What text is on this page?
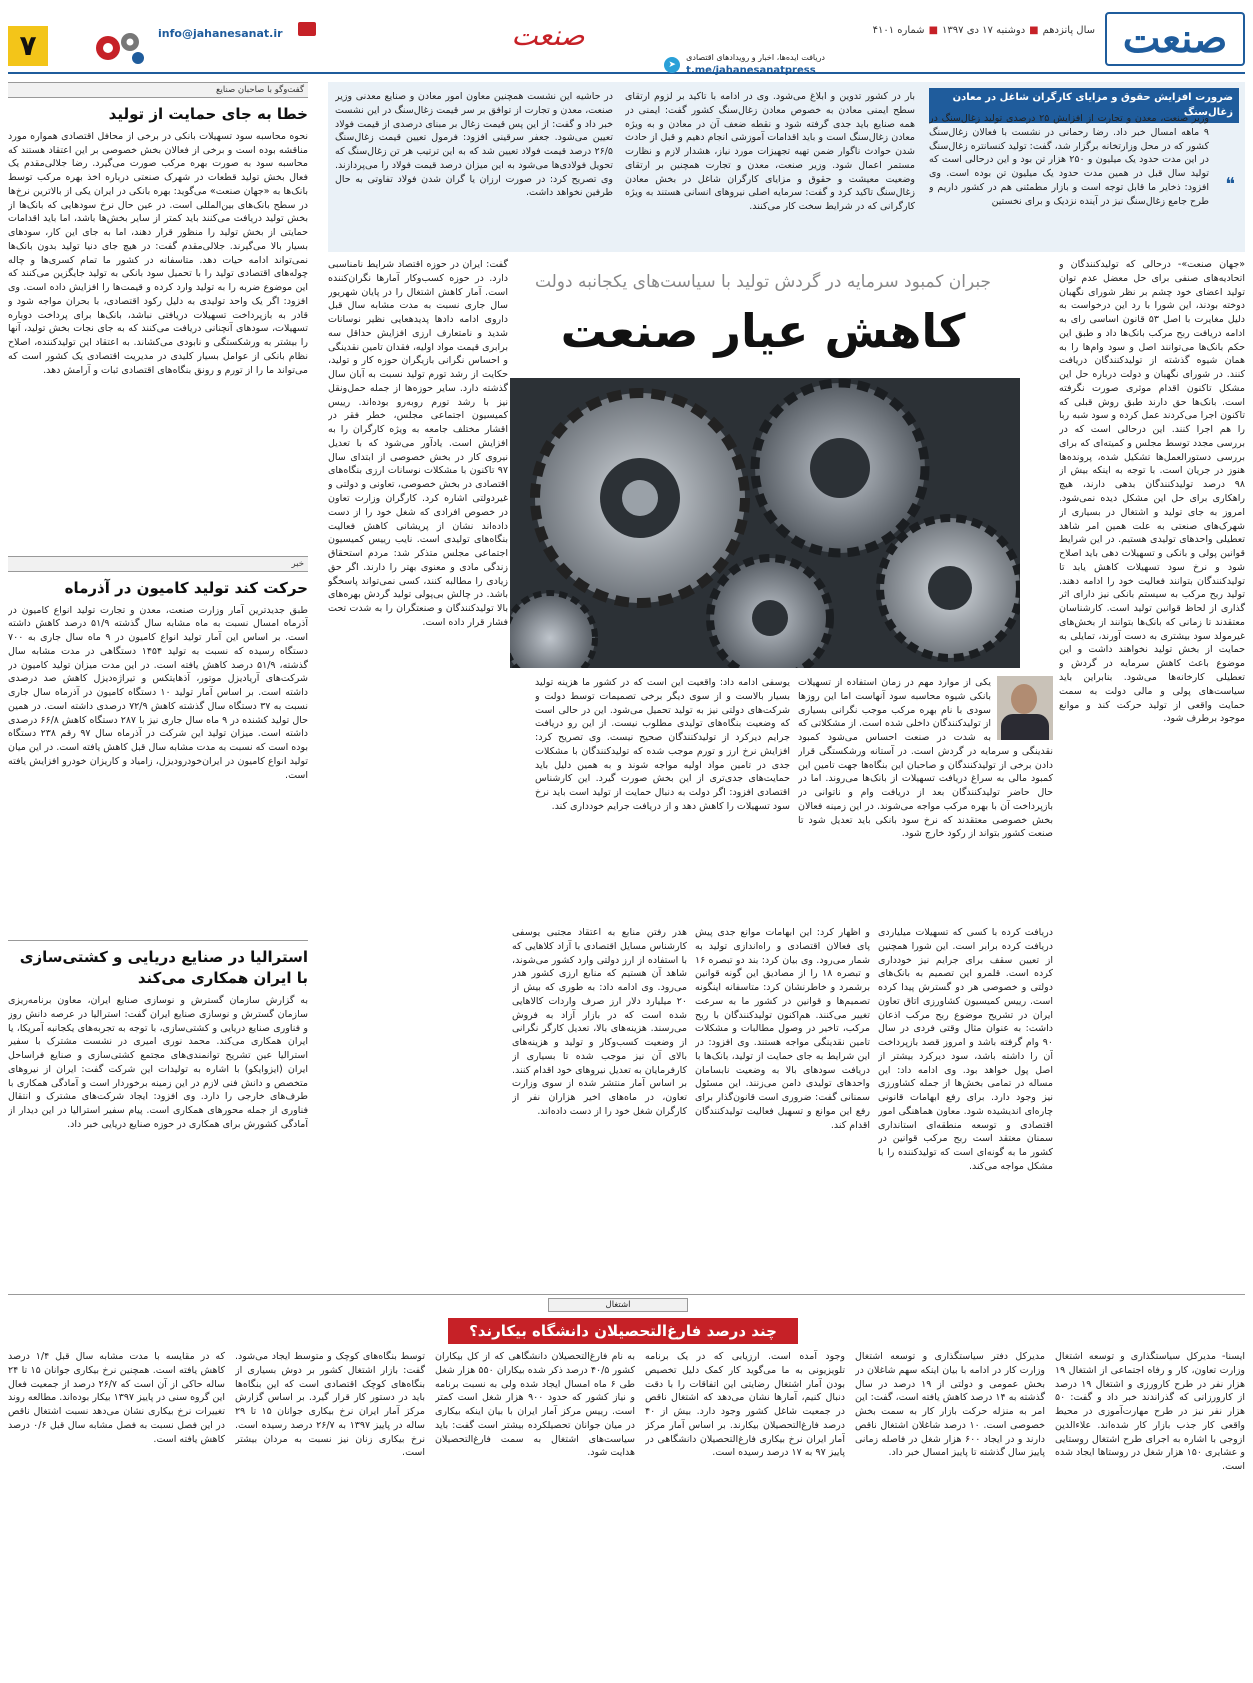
صنعت
سال پانزدهم■دوشنبه ۱۷ دی ۱۳۹۷■شماره ۴۱۰۱
دریافت ایده‌ها، اخبار و رویدادهای اقتصادی
t.me/jahanesanatpress
➤
صنعت
info@jahanesanat.ir
۷
ضرورت افزایش حقوق و مزایای کارگران شاغل در معادن زغال‌سنگ
❝
وزیر صنعت، معدن و تجارت از افزایش ۲۵ درصدی تولید زغال‌سنگ در ۹ ماهه امسال خبر داد. رضا رحمانی در نشست با فعالان زغال‌سنگ کشور که در محل وزارتخانه برگزار شد، گفت: تولید کنسانتره زغال‌سنگ در این مدت حدود یک میلیون و ۲۵۰ هزار تن بود و این درحالی است که تولید سال قبل در همین مدت حدود یک میلیون تن بوده است. وی افزود: ذخایر ما قابل توجه است و بازار مطمئنی هم در کشور داریم و طرح جامع زغال‌سنگ نیز در آینده نزدیک و برای نخستین
بار در کشور تدوین و ابلاغ می‌شود. وی در ادامه با تاکید بر لزوم ارتقای سطح ایمنی معادن به خصوص معادن زغال‌سنگ کشور گفت: ایمنی در همه صنایع باید جدی گرفته شود و نقطه ضعف آن در معادن و به ویژه معادن زغال‌سنگ است و باید اقدامات آموزشی انجام دهیم و قبل از حادث شدن حوادث ناگوار ضمن تهیه تجهیزات مورد نیاز، هشدار لازم و نظارت مستمر اعمال شود. وزیر صنعت، معدن و تجارت همچنین بر ارتقای وضعیت معیشت و حقوق و مزایای کارگران شاغل در بخش معادن زغال‌سنگ تاکید کرد و گفت: سرمایه اصلی نیروهای انسانی هستند به ویژه کارگرانی که در شرایط سخت کار می‌کنند.
در حاشیه این نشست همچنین معاون امور معادن و صنایع معدنی وزیر صنعت، معدن و تجارت از توافق بر سر قیمت زغال‌سنگ در این نشست خبر داد و گفت: از این پس قیمت زغال بر مبنای درصدی از قیمت فولاد تعیین می‌شود. جعفر سرقینی افزود: فرمول تعیین قیمت زغال‌سنگ ۲۶/۵ درصد قیمت فولاد تعیین شد که به این ترتیب هر تن زغال‌سنگ که تحویل فولادی‌ها می‌شود به این میزان درصد قیمت فولاد را می‌پردازند. وی تصریح کرد: در صورت ارزان یا گران شدن فولاد تفاوتی به حال طرفین نخواهد داشت.
گفت‌وگو با صاحبان صنایع
خطا به جای حمایت از تولید
نحوه محاسبه سود تسهیلات بانکی در برخی از محافل اقتصادی همواره مورد مناقشه بوده است و برخی از فعالان بخش خصوصی بر این اعتقاد هستند که محاسبه سود به صورت بهره مرکب صورت می‌گیرد. رضا جلالی‌مقدم یک فعال بخش تولید قطعات در شهرک صنعتی درباره اخذ بهره مرکب توسط بانک‌ها به «جهان صنعت» می‌گوید: بهره بانکی در ایران یکی از بالاترین نرخ‌ها در سطح بانک‌های بین‌المللی است. در عین حال نرخ سودهایی که بانک‌ها از بخش تولید دریافت می‌کنند باید کمتر از سایر بخش‌ها باشد، اما باید اقدامات حمایتی از بخش تولید را منظور قرار دهند، اما به جای این کار، سودهای بسیار بالا می‌گیرند. جلالی‌مقدم گفت: در هیچ جای دنیا تولید بدون بانک‌ها نمی‌تواند ادامه حیات دهد. متاسفانه در کشور ما تمام کسری‌ها و چاله چوله‌های اقتصادی تولید را با تحمیل سود بانکی به تولید جایگزین می‌کنند که این موضوع ضربه را به تولید وارد کرده و قیمت‌ها را افزایش داده است. وی افزود: اگر یک واحد تولیدی به دلیل رکود اقتصادی، با بحران مواجه شود و قادر به بازپرداخت تسهیلات دریافتی نباشد، بانک‌ها برای پرداخت دوباره تسهیلات، سودهای آنچنانی دریافت می‌کنند که به جای نجات بخش تولید، آنها را بیشتر به ورشکستگی و نابودی می‌کشاند. به اعتقاد این تولیدکننده، اصلاح نظام بانکی از عوامل بسیار کلیدی در مدیریت اقتصادی یک کشور است که می‌تواند ما را از تورم و رونق بنگاه‌های اقتصادی ثبات و آرامش دهد.
خبر
حرکت کند تولید کامیون در آذرماه
طبق جدیدترین آمار وزارت صنعت، معدن و تجارت تولید انواع کامیون در آذرماه امسال نسبت به ماه مشابه سال گذشته ۵۱/۹ درصد کاهش داشته است. بر اساس این آمار تولید انواع کامیون در ۹ ماه سال جاری به ۷۰۰ دستگاه رسیده که نسبت به تولید ۱۴۵۴ دستگاهی در مدت مشابه سال گذشته، ۵۱/۹ درصد کاهش یافته است. در این مدت میزان تولید کامیون در شرکت‌های آریادیزل موتور، آذهایتکس و تیراژه‌دیزل کاهش صد درصدی داشته است. بر اساس آمار تولید ۱۰ دستگاه کامیون در آذرماه سال جاری نسبت به ۳۷ دستگاه سال گذشته کاهش ۷۲/۹ درصدی داشته است. در همین حال تولید کشنده در ۹ ماه سال جاری نیز با ۲۸۷ دستگاه کاهش ۶۶/۸ درصدی داشته است. میزان تولید این شرکت در آذرماه سال ۹۷ رقم ۲۳۸ دستگاه بوده است که نسبت به مدت مشابه سال قبل کاهش یافته است. در این میان تولید انواع کامیون در ایران‌خودرودیزل، زامیاد و کاریزان خودرو افزایش یافته است.
استرالیا در صنایع دریایی و کشتی‌سازی با ایران همکاری می‌کند
به گزارش سازمان گسترش و نوسازی صنایع ایران، معاون برنامه‌ریزی سازمان گسترش و نوسازی صنایع ایران گفت: استرالیا در عرصه دانش روز و فناوری صنایع دریایی و کشتی‌سازی، با توجه به تجربه‌های یکجانبه آمریکا، یا ایران همکاری می‌کند. محمد نوری امیری در نشست مشترک با سفیر استرالیا عین تشریح توانمندی‌های مجتمع کشتی‌سازی و صنایع فراساحل ایران (ایزوایکو) با اشاره به تولیدات این شرکت گفت: ایران از نیروهای متخصص و دانش فنی لازم در این زمینه برخوردار است و آمادگی همکاری با طرف‌های خارجی را دارد. وی افزود: ایجاد شرکت‌های مشترک و انتقال فناوری از جمله محورهای همکاری است. پیام سفیر استرالیا در این دیدار از آمادگی کشورش برای همکاری در حوزه صنایع دریایی خبر داد.
جبران کمبود سرمایه در گردش تولید با سیاست‌های یکجانبه دولت
کاهش عیار صنعت
«جهان صنعت»- درحالی که تولیدکنندگان و اتحادیه‌های صنفی برای حل معضل عدم توان تولید اعضای خود چشم بر نظر شورای نگهبان دوخته بودند، این شورا با رد این درخواست به دلیل مغایرت با اصل ۵۳ قانون اساسی رای به ادامه دریافت ربح مرکب بانک‌ها داد و طبق این حکم بانک‌ها می‌توانند اصل و سود وام‌ها را به همان شیوه گذشته از تولیدکنندگان دریافت کنند. در شورای نگهبان و دولت درباره حل این مشکل تاکنون اقدام موثری صورت نگرفته است. بانک‌ها حق دارند طبق روش قبلی که تاکنون اجرا می‌کردند عمل کرده و سود شبه ربا را هم اجرا کنند. این درحالی است که در بررسی مجدد توسط مجلس و کمیته‌ای که برای بررسی دستورالعمل‌ها تشکیل شده، پرونده‌ها هنوز در جریان است. با توجه به اینکه بیش از ۹۸ درصد تولیدکنندگان بدهی دارند، هیچ راهکاری برای حل این مشکل دیده نمی‌شود. امروز به جای تولید و اشتغال در بسیاری از شهرک‌های صنعتی به علت همین امر شاهد تعطیلی واحدهای تولیدی هستیم. در این شرایط قوانین پولی و بانکی و تسهیلات دهی باید اصلاح شود و نرخ سود تسهیلات کاهش یابد تا تولیدکنندگان بتوانند فعالیت خود را ادامه دهند. تولید ربح مرکب به سیستم بانکی نیز دارای اثر گذاری از لحاظ قوانین تولید است. کارشناسان معتقدند تا زمانی که بانک‌ها بتوانند از بخش‌های غیرمولد سود بیشتری به دست آورند، تمایلی به حمایت از بخش تولید نخواهند داشت و این موضوع باعث کاهش سرمایه در گردش و تعطیلی کارخانه‌ها می‌شود. بنابراین باید سیاست‌های پولی و مالی دولت به سمت حمایت واقعی از تولید حرکت کند و موانع موجود برطرف شود.
گفت: ایران در حوزه اقتصاد شرایط نامناسبی دارد. در حوزه کسب‌وکار آمارها نگران‌کننده است. آمار کاهش اشتغال را در پایان شهریور سال جاری نسبت به مدت مشابه سال قبل داروی ادامه دادها پدیدهعایی نظیر نوسانات شدید و نامتعارف ارزی افزایش حداقل سه برابری قیمت مواد اولیه، فقدان تامین نقدینگی و احساس نگرانی بازیگران حوزه کار و تولید، حکایت از رشد تورم تولید نسبت به آبان سال گذشته دارد. سایر حوزه‌ها از جمله حمل‌ونقل نیز با رشد تورم روبه‌رو بوده‌اند. رییس کمیسیون اجتماعی مجلس، خطر فقر در اقشار مختلف جامعه به ویژه کارگران را به افزایش است. یادآور می‌شود که با تعدیل نیروی کار در بخش خصوصی از ابتدای سال ۹۷ تاکنون با مشکلات نوسانات ارزی بنگاه‌های اقتصادی در بخش خصوصی، تعاونی و دولتی و غیردولتی اشاره کرد. کارگران وزارت تعاون در خصوص افرادی که شغل خود را از دست داده‌اند نشان از پریشانی کاهش فعالیت بنگاه‌های تولیدی است. نایب رییس کمیسیون اجتماعی مجلس متذکر شد: مردم استحقاق زندگی مادی و معنوی بهتر را دارند. اگر حق زیادی را مطالبه کنند، کسی نمی‌تواند پاسخگو باشد. در چالش بی‌پولی تولید گردش بهره‌های بالا تولیدکنندگان و صنعتگران را به شدت تحت فشار قرار داده است.
یکی از موارد مهم در زمان استفاده از تسهیلات بانکی شیوه محاسبه سود آنهاست اما این روزها سودی با نام بهره مرکب موجب نگرانی بسیاری از تولیدکنندگان داخلی شده است. از مشکلاتی که به شدت در صنعت احساس می‌شود کمبود نقدینگی و سرمایه در گردش است. در آستانه ورشکستگی قرار دادن برخی از تولیدکنندگان و صاحبان این بنگاه‌ها جهت تامین این کمبود مالی به سراغ دریافت تسهیلات از بانک‌ها می‌روند. اما در حال حاضر تولیدکنندگان بعد از دریافت وام و ناتوانی در بازپرداخت آن با بهره مرکب مواجه می‌شوند. در این زمینه فعالان بخش خصوصی معتقدند که نرخ سود بانکی باید تعدیل شود تا صنعت کشور بتواند از رکود خارج شود.
یوسفی ادامه داد: واقعیت این است که در کشور ما هزینه تولید بسیار بالاست و از سوی دیگر برخی تصمیمات توسط دولت و شرکت‌های دولتی نیز به تولید تحمیل می‌شود. این در حالی است که وضعیت بنگاه‌های تولیدی مطلوب نیست. از این رو دریافت جرایم دیرکرد از تولیدکنندگان صحیح نیست. وی تصریح کرد: افزایش نرخ ارز و تورم موجب شده که تولیدکنندگان با مشکلات جدی در تامین مواد اولیه مواجه شوند و به همین دلیل باید حمایت‌های جدی‌تری از این بخش صورت گیرد. این کارشناس اقتصادی افزود: اگر دولت به دنبال حمایت از تولید است باید نرخ سود تسهیلات را کاهش دهد و از دریافت جرایم خودداری کند.
دریافت کرده با کسی که تسهیلات میلیاردی دریافت کرده برابر است. این شورا همچنین از تعیین سقف برای جرایم نیز خودداری کرده است. قلمرو این تصمیم به بانک‌های دولتی و خصوصی هر دو گسترش پیدا کرده است. رییس کمیسیون کشاورزی اتاق تعاون ایران در تشریح موضوع ربح مرکب اذعان داشت: به عنوان مثال وقتی فردی در سال ۹۰ وام گرفته باشد و امروز قصد بازپرداخت آن را داشته باشد، سود دیرکرد بیشتر از اصل پول خواهد بود. وی ادامه داد: این مساله در تمامی بخش‌ها از جمله کشاورزی نیز وجود دارد. برای رفع ابهامات قانونی چاره‌ای اندیشیده شود. معاون هماهنگی امور اقتصادی و توسعه منطقه‌ای استانداری سمنان معتقد است ربح مرکب قوانین در کشور ما به گونه‌ای است که تولیدکننده را با مشکل مواجه می‌کند.
و اظهار کرد: این ابهامات موانع جدی پیش پای فعالان اقتصادی و راه‌اندازی تولید به شمار می‌رود. وی بیان کرد: بند دو تبصره ۱۶ و تبصره ۱۸ را از مصادیق این گونه قوانین برشمرد و خاطرنشان کرد: متاسفانه اینگونه تصمیم‌ها و قوانین در کشور ما به سرعت تغییر می‌کنند. هم‌اکنون تولیدکنندگان با ربح مرکب، تاخیر در وصول مطالبات و مشکلات تامین نقدینگی مواجه هستند. وی افزود: در این شرایط به جای حمایت از تولید، بانک‌ها با دریافت سودهای بالا به وضعیت نابسامان واحدهای تولیدی دامن می‌زنند. این مسئول سمنانی گفت: ضروری است قانون‌گذار برای رفع این موانع و تسهیل فعالیت تولیدکنندگان اقدام کند.
هدر رفتن منابع به اعتقاد مجتبی یوسفی کارشناس مسایل اقتصادی با آزاد کلاهایی که با استفاده از ارز دولتی وارد کشور می‌شوند، شاهد آن هستیم که منابع ارزی کشور هدر می‌رود. وی ادامه داد: به طوری که بیش از ۲۰ میلیارد دلار ارز صرف واردات کالاهایی شده است که در بازار آزاد به فروش می‌رسند. هزینه‌های بالا، تعدیل کارگر نگرانی از وضعیت کسب‌وکار و تولید و هزینه‌های بالای آن نیز موجب شده تا بسیاری از کارفرمایان به تعدیل نیروهای خود اقدام کنند. بر اساس آمار منتشر شده از سوی وزارت تعاون، در ماه‌های اخیر هزاران نفر از کارگران شغل خود را از دست داده‌اند.
اشتغال
چند درصد فارغ‌التحصیلان دانشگاه بیکارند؟
ایسنا- مدیرکل سیاستگذاری و توسعه اشتغال وزارت تعاون، کار و رفاه اجتماعی از اشتغال ۱۹ هزار نفر در طرح کارورزی و اشتغال ۱۹ درصد از کارورزانی که گذراندند خبر داد و گفت: ۵۰ هزار نفر نیز در طرح مهارت‌آموزی در محیط واقعی کار جذب بازار کار شده‌اند. علاءالدین ازوجی با اشاره به اجرای طرح اشتغال روستایی و عشایری ۱۵۰ هزار شغل در روستاها ایجاد شده است.
مدیرکل دفتر سیاستگذاری و توسعه اشتغال وزارت کار در ادامه با بیان اینکه سهم شاغلان در بخش عمومی و دولتی از ۱۹ درصد در سال گذشته به ۱۴ درصد کاهش یافته است، گفت: این امر به منزله حرکت بازار کار به سمت بخش خصوصی است. ۱۰ درصد شاغلان اشتغال ناقص دارند و در ایجاد ۶۰۰ هزار شغل در فاصله زمانی پاییز سال گذشته تا پاییز امسال خبر داد.
وجود آمده است. ارزیابی که در یک برنامه تلویزیونی به ما می‌گوید کار کمک دلیل تخصیص بودن آمار اشتغال رضایتی این اتفاقات را با دقت دنبال کنیم، آمارها نشان می‌دهد که اشتغال ناقص در جمعیت شاغل کشور وجود دارد. بیش از ۴۰ درصد فارغ‌التحصیلان بیکارند. بر اساس آمار مرکز آمار ایران نرخ بیکاری فارغ‌التحصیلان دانشگاهی در پاییز ۹۷ به ۱۷ درصد رسیده است.
به نام فارغ‌التحصیلان دانشگاهی که از کل بیکاران کشور ۴۰/۵ درصد ذکر شده بیکاران ۵۵۰ هزار شغل طی ۶ ماه امسال ایجاد شده ولی به نسبت برنامه و نیاز کشور که حدود ۹۰۰ هزار شغل است کمتر است. رییس مرکز آمار ایران با بیان اینکه بیکاری در میان جوانان تحصیلکرده بیشتر است گفت: باید سیاست‌های اشتغال به سمت فارغ‌التحصیلان هدایت شود.
توسط بنگاه‌های کوچک و متوسط ایجاد می‌شود. گفت: بازار اشتغال کشور بر دوش بسیاری از بنگاه‌های کوچک اقتصادی است که این بنگاه‌ها باید در دستور کار قرار گیرد. بر اساس گزارش مرکز آمار ایران نرخ بیکاری جوانان ۱۵ تا ۲۹ ساله در پاییز ۱۳۹۷ به ۲۶/۷ درصد رسیده است. نرخ بیکاری زنان نیز نسبت به مردان بیشتر است.
که در مقایسه با مدت مشابه سال قبل ۱/۴ درصد کاهش یافته است. همچنین نرخ بیکاری جوانان ۱۵ تا ۲۴ ساله حاکی از آن است که ۲۶/۷ درصد از جمعیت فعال این گروه سنی در پاییز ۱۳۹۷ بیکار بوده‌اند. مطالعه روند تغییرات نرخ بیکاری نشان می‌دهد نسبت اشتغال ناقص در این فصل نسبت به فصل مشابه سال قبل ۰/۶ درصد کاهش یافته است.
